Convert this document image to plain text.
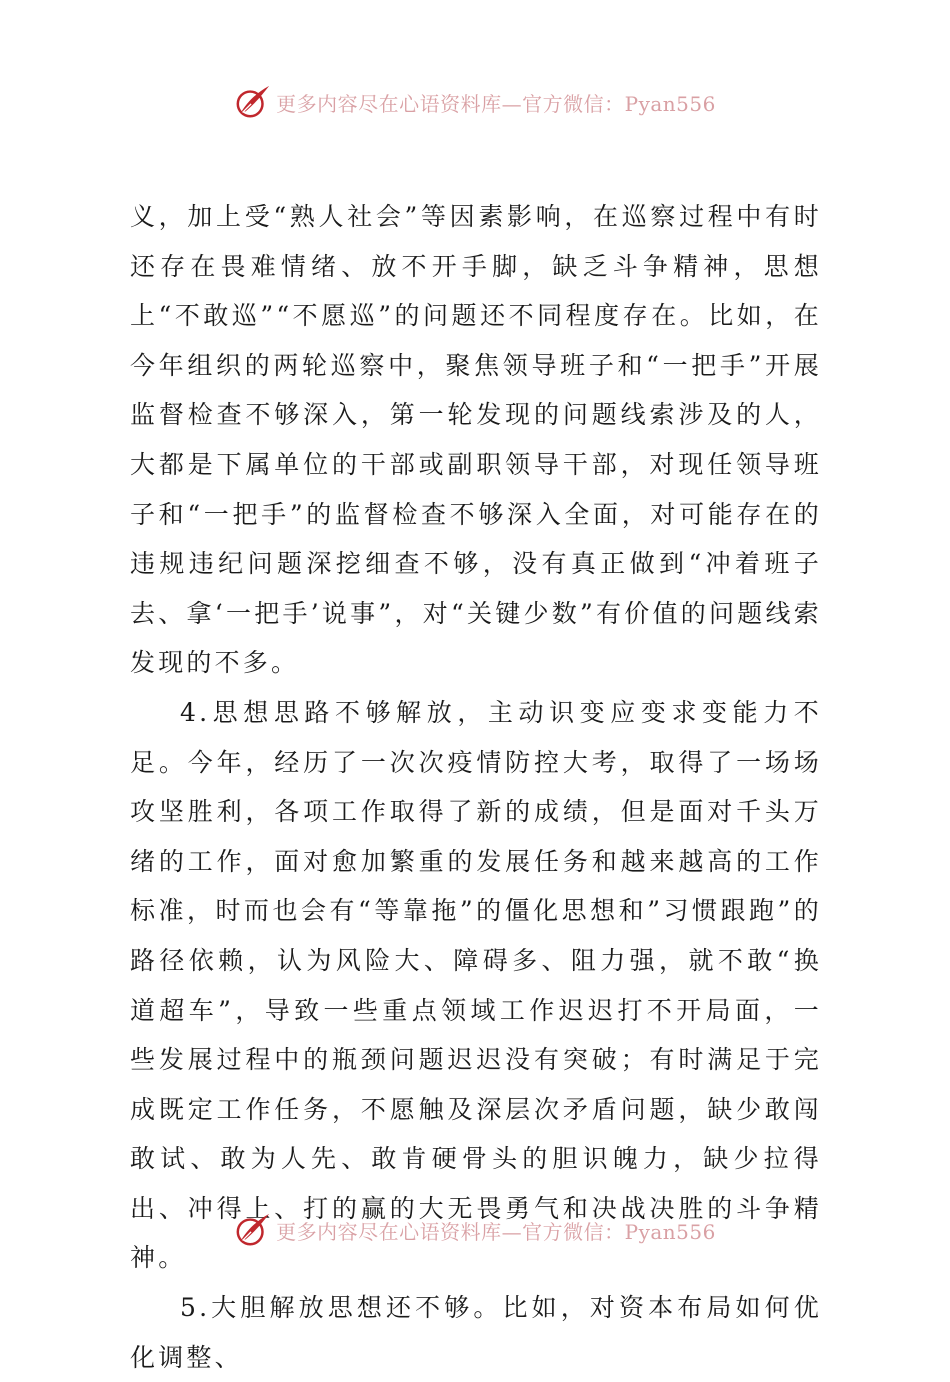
更多内容尽在心语资料库—官方微信：Pyan556

义，加上受“熟人社会”等因素影响，在巡察过程中有时还存在畏难情绪、放不开手脚，缺乏斗争精神，思想上“不敢巡”“不愿巡”的问题还不同程度存在。比如，在今年组织的两轮巡察中，聚焦领导班子和“一把手”开展监督检查不够深入，第一轮发现的问题线索涉及的人，大都是下属单位的干部或副职领导干部，对现任领导班子和“一把手”的监督检查不够深入全面，对可能存在的违规违纪问题深挖细查不够，没有真正做到“冲着班子去、拿‘一把手’说事”，对“关键少数”有价值的问题线索发现的不多。

4.思想思路不够解放，主动识变应变求变能力不足。今年，经历了一次次疫情防控大考，取得了一场场攻坚胜利，各项工作取得了新的成绩，但是面对千头万绪的工作，面对愈加繁重的发展任务和越来越高的工作标准，时而也会有“等靠拖”的僵化思想和”习惯跟跑”的路径依赖，认为风险大、障碍多、阻力强，就不敢“换道超车”，导致一些重点领域工作迟迟打不开局面，一些发展过程中的瓶颈问题迟迟没有突破；有时满足于完成既定工作任务，不愿触及深层次矛盾问题，缺少敢闯敢试、敢为人先、敢肯硬骨头的胆识魄力，缺少拉得出、冲得上、打的赢的大无畏勇气和决战决胜的斗争精神。

5.大胆解放思想还不够。比如，对资本布局如何优化调整、

更多内容尽在心语资料库—官方微信：Pyan556
